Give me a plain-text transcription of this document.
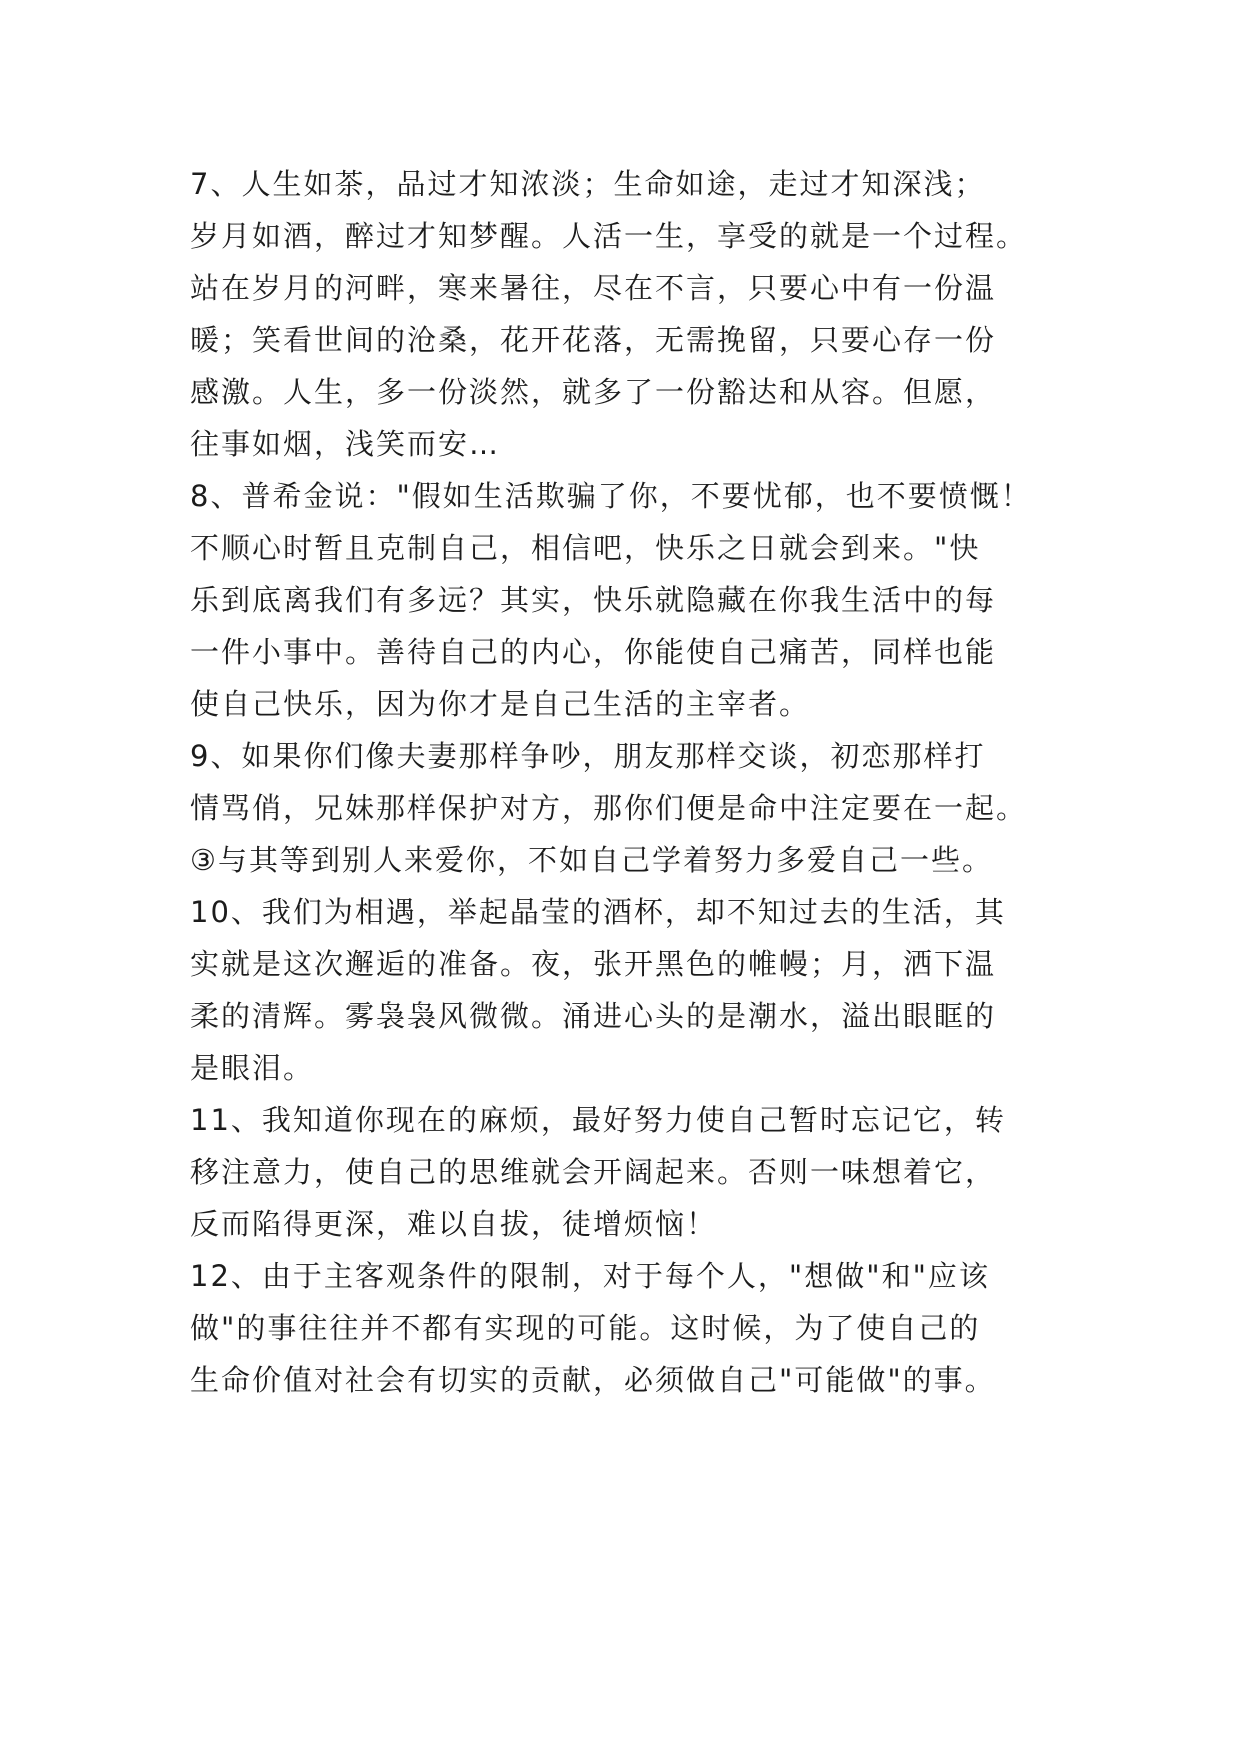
7、人生如茶，品过才知浓淡；生命如途，走过才知深浅；
岁月如酒，醉过才知梦醒。人活一生，享受的就是一个过程。
站在岁月的河畔，寒来暑往，尽在不言，只要心中有一份温
暖；笑看世间的沧桑，花开花落，无需挽留，只要心存一份
感激。人生，多一份淡然，就多了一份豁达和从容。但愿，
往事如烟，浅笑而安…
8、普希金说："假如生活欺骗了你，不要忧郁，也不要愤慨！
不顺心时暂且克制自己，相信吧，快乐之日就会到来。"快
乐到底离我们有多远？其实，快乐就隐藏在你我生活中的每
一件小事中。善待自己的内心，你能使自己痛苦，同样也能
使自己快乐，因为你才是自己生活的主宰者。
9、如果你们像夫妻那样争吵，朋友那样交谈，初恋那样打
情骂俏，兄妹那样保护对方，那你们便是命中注定要在一起。
③与其等到别人来爱你，不如自己学着努力多爱自己一些。
10、我们为相遇，举起晶莹的酒杯，却不知过去的生活，其
实就是这次邂逅的准备。夜，张开黑色的帷幔；月，洒下温
柔的清辉。雾袅袅风微微。涌进心头的是潮水，溢出眼眶的
是眼泪。
11、我知道你现在的麻烦，最好努力使自己暂时忘记它，转
移注意力，使自己的思维就会开阔起来。否则一味想着它，
反而陷得更深，难以自拔，徒增烦恼！
12、由于主客观条件的限制，对于每个人，"想做"和"应该
做"的事往往并不都有实现的可能。这时候，为了使自己的
生命价值对社会有切实的贡献，必须做自己"可能做"的事。
